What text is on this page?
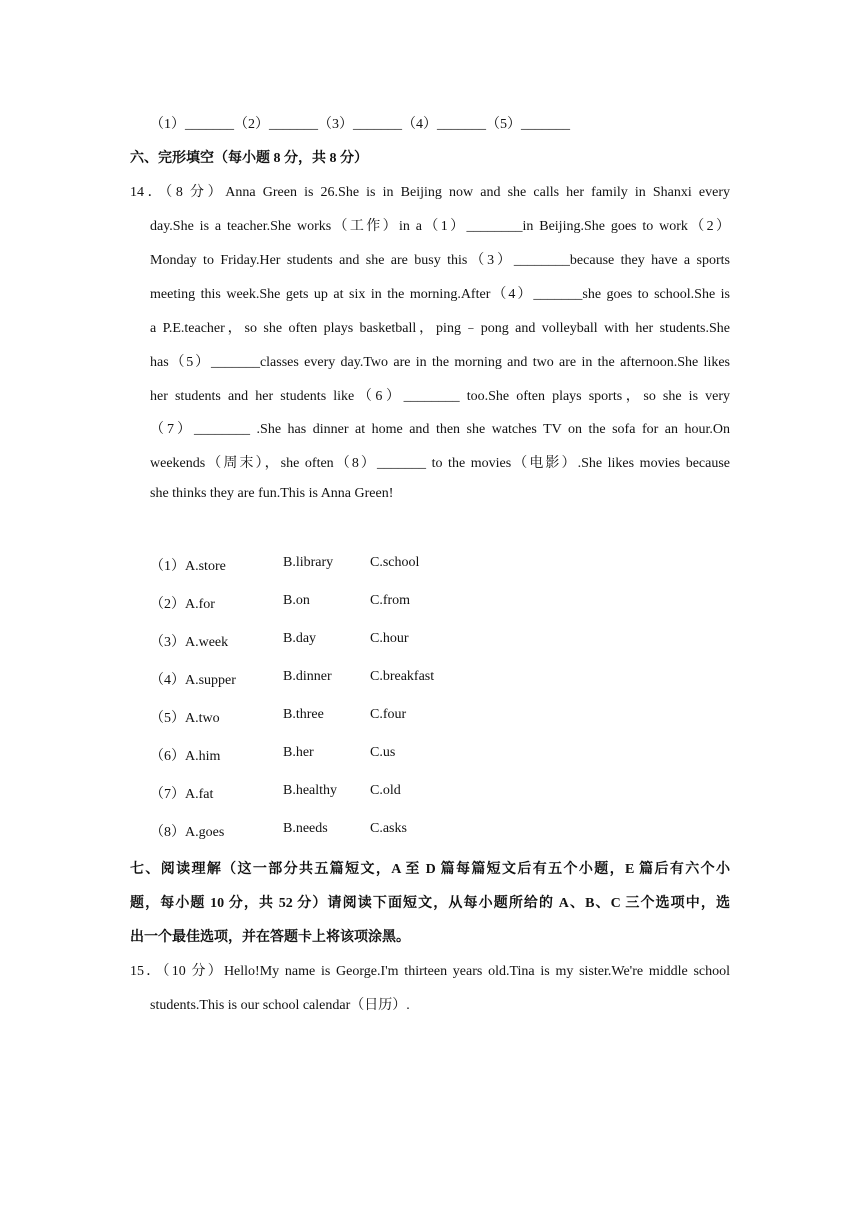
（1）_______（2）_______（3）_______（4）_______（5）_______
六、完形填空（每小题 8 分，共 8 分）
14．（8 分）Anna Green is 26.She is in Beijing now and she calls her family in Shanxi every
day.She is a teacher.She works（工作）in a（1）________in Beijing.She goes to work（2）
Monday to Friday.Her students and she are busy this（3）________because they have a sports
meeting this week.She gets up at six in the morning.After（4）_______she goes to school.She is
a P.E.teacher，so she often plays basketball，ping﹣pong and volleyball with her students.She
has（5）_______classes every day.Two are in the morning and two are in the afternoon.She likes
her students and her students like（6）________ too.She often plays sports，so she is very
（7）________ .She has dinner at home and then she watches TV on the sofa for an hour.On
weekends（周末），she often（8）_______ to the movies（电影）.She likes movies because
she thinks they are fun.This is Anna Green!
（1）A.store	B.library	C.school
（2）A.for	B.on	C.from
（3）A.week	B.day	C.hour
（4）A.supper	B.dinner	C.breakfast
（5）A.two	B.three	C.four
（6）A.him	B.her	C.us
（7）A.fat	B.healthy C.old
（8）A.goes	B.needs	C.asks
七、阅读理解（这一部分共五篇短文，A 至 D 篇每篇短文后有五个小题，E 篇后有六个小
题，每小题 10 分，共 52 分）请阅读下面短文，从每小题所给的 A、B、C 三个选项中，选
出一个最佳选项，并在答题卡上将该项涂黑。
15．（10 分）Hello!My name is George.I'm thirteen years old.Tina is my sister.We're middle school
students.This is our school calendar（日历）.
